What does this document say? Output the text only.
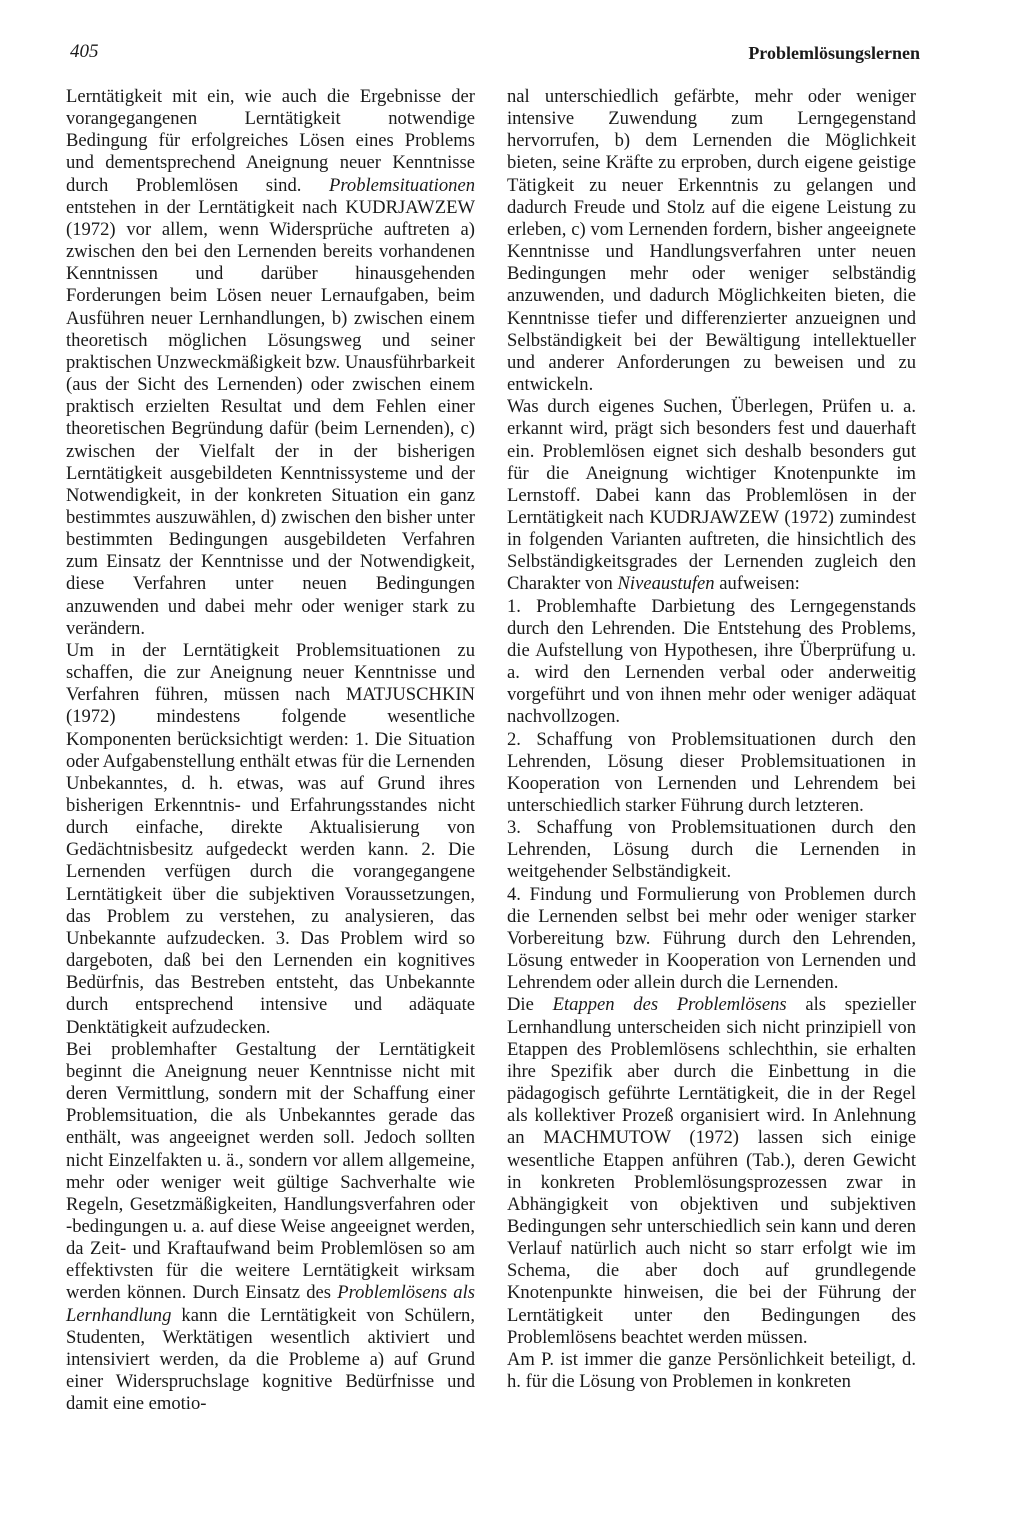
405	Problemlösungslernen

Lerntätigkeit mit ein, wie auch die Ergebnisse der vorangegangenen Lerntätigkeit notwendige Bedingung für erfolgreiches Lösen eines Problems und dementsprechend Aneignung neuer Kenntnisse durch Problemlösen sind. Problemsituationen entstehen in der Lerntätigkeit nach KUDRJAWZEW (1972) vor allem, wenn Widersprüche auftreten a) zwischen den bei den Lernenden bereits vorhandenen Kenntnissen und darüber hinausgehenden Forderungen beim Lösen neuer Lernaufgaben, beim Ausführen neuer Lernhandlungen, b) zwischen einem theoretisch möglichen Lösungsweg und seiner praktischen Unzweckmäßigkeit bzw. Unausführbarkeit (aus der Sicht des Lernenden) oder zwischen einem praktisch erzielten Resultat und dem Fehlen einer theoretischen Begründung dafür (beim Lernenden), c) zwischen der Vielfalt der in der bisherigen Lerntätigkeit ausgebildeten Kenntnissysteme und der Notwendigkeit, in der konkreten Situation ein ganz bestimmtes auszuwählen, d) zwischen den bisher unter bestimmten Bedingungen ausgebildeten Verfahren zum Einsatz der Kenntnisse und der Notwendigkeit, diese Verfahren unter neuen Bedingungen anzuwenden und dabei mehr oder weniger stark zu verändern.

Um in der Lerntätigkeit Problemsituationen zu schaffen, die zur Aneignung neuer Kenntnisse und Verfahren führen, müssen nach MATJUSCHKIN (1972) mindestens folgende wesentliche Komponenten berücksichtigt werden: 1. Die Situation oder Aufgabenstellung enthält etwas für die Lernenden Unbekanntes, d. h. etwas, was auf Grund ihres bisherigen Erkenntnis- und Erfahrungsstandes nicht durch einfache, direkte Aktualisierung von Gedächtnisbesitz aufgedeckt werden kann. 2. Die Lernenden verfügen durch die vorangegangene Lerntätigkeit über die subjektiven Voraussetzungen, das Problem zu verstehen, zu analysieren, das Unbekannte aufzudecken. 3. Das Problem wird so dargeboten, daß bei den Lernenden ein kognitives Bedürfnis, das Bestreben entsteht, das Unbekannte durch entsprechend intensive und adäquate Denktätigkeit aufzudecken.

Bei problemhafter Gestaltung der Lerntätigkeit beginnt die Aneignung neuer Kenntnisse nicht mit deren Vermittlung, sondern mit der Schaffung einer Problemsituation, die als Unbekanntes gerade das enthält, was angeeignet werden soll. Jedoch sollten nicht Einzelfakten u. ä., sondern vor allem allgemeine, mehr oder weniger weit gültige Sachverhalte wie Regeln, Gesetzmäßigkeiten, Handlungsverfahren oder -bedingungen u. a. auf diese Weise angeeignet werden, da Zeit- und Kraftaufwand beim Problemlösen so am effektivsten für die weitere Lerntätigkeit wirksam werden können. Durch Einsatz des Problemlösens als Lernhandlung kann die Lerntätigkeit von Schülern, Studenten, Werktätigen wesentlich aktiviert und intensiviert werden, da die Probleme a) auf Grund einer Widerspruchslage kognitive Bedürfnisse und damit eine emotio-

nal unterschiedlich gefärbte, mehr oder weniger intensive Zuwendung zum Lerngegenstand hervorrufen, b) dem Lernenden die Möglichkeit bieten, seine Kräfte zu erproben, durch eigene geistige Tätigkeit zu neuer Erkenntnis zu gelangen und dadurch Freude und Stolz auf die eigene Leistung zu erleben, c) vom Lernenden fordern, bisher angeeignete Kenntnisse und Handlungsverfahren unter neuen Bedingungen mehr oder weniger selbständig anzuwenden, und dadurch Möglichkeiten bieten, die Kenntnisse tiefer und differenzierter anzueignen und Selbständigkeit bei der Bewältigung intellektueller und anderer Anforderungen zu beweisen und zu entwickeln.

Was durch eigenes Suchen, Überlegen, Prüfen u. a. erkannt wird, prägt sich besonders fest und dauerhaft ein. Problemlösen eignet sich deshalb besonders gut für die Aneignung wichtiger Knotenpunkte im Lernstoff. Dabei kann das Problemlösen in der Lerntätigkeit nach KUDRJAWZEW (1972) zumindest in folgenden Varianten auftreten, die hinsichtlich des Selbständigkeitsgrades der Lernenden zugleich den Charakter von Niveaustufen aufweisen:

1. Problemhafte Darbietung des Lerngegenstands durch den Lehrenden. Die Entstehung des Problems, die Aufstellung von Hypothesen, ihre Überprüfung u. a. wird den Lernenden verbal oder anderweitig vorgeführt und von ihnen mehr oder weniger adäquat nachvollzogen.

2. Schaffung von Problemsituationen durch den Lehrenden, Lösung dieser Problemsituationen in Kooperation von Lernenden und Lehrendem bei unterschiedlich starker Führung durch letzteren.

3. Schaffung von Problemsituationen durch den Lehrenden, Lösung durch die Lernenden in weitgehender Selbständigkeit.

4. Findung und Formulierung von Problemen durch die Lernenden selbst bei mehr oder weniger starker Vorbereitung bzw. Führung durch den Lehrenden, Lösung entweder in Kooperation von Lernenden und Lehrendem oder allein durch die Lernenden.

Die Etappen des Problemlösens als spezieller Lernhandlung unterscheiden sich nicht prinzipiell von Etappen des Problemlösens schlechthin, sie erhalten ihre Spezifik aber durch die Einbettung in die pädagogisch geführte Lerntätigkeit, die in der Regel als kollektiver Prozeß organisiert wird. In Anlehnung an MACHMUTOW (1972) lassen sich einige wesentliche Etappen anführen (Tab.), deren Gewicht in konkreten Problemlösungsprozessen zwar in Abhängigkeit von objektiven und subjektiven Bedingungen sehr unterschiedlich sein kann und deren Verlauf natürlich auch nicht so starr erfolgt wie im Schema, die aber doch auf grundlegende Knotenpunkte hinweisen, die bei der Führung der Lerntätigkeit unter den Bedingungen des Problemlösens beachtet werden müssen.

Am P. ist immer die ganze Persönlichkeit beteiligt, d. h. für die Lösung von Problemen in konkreten
